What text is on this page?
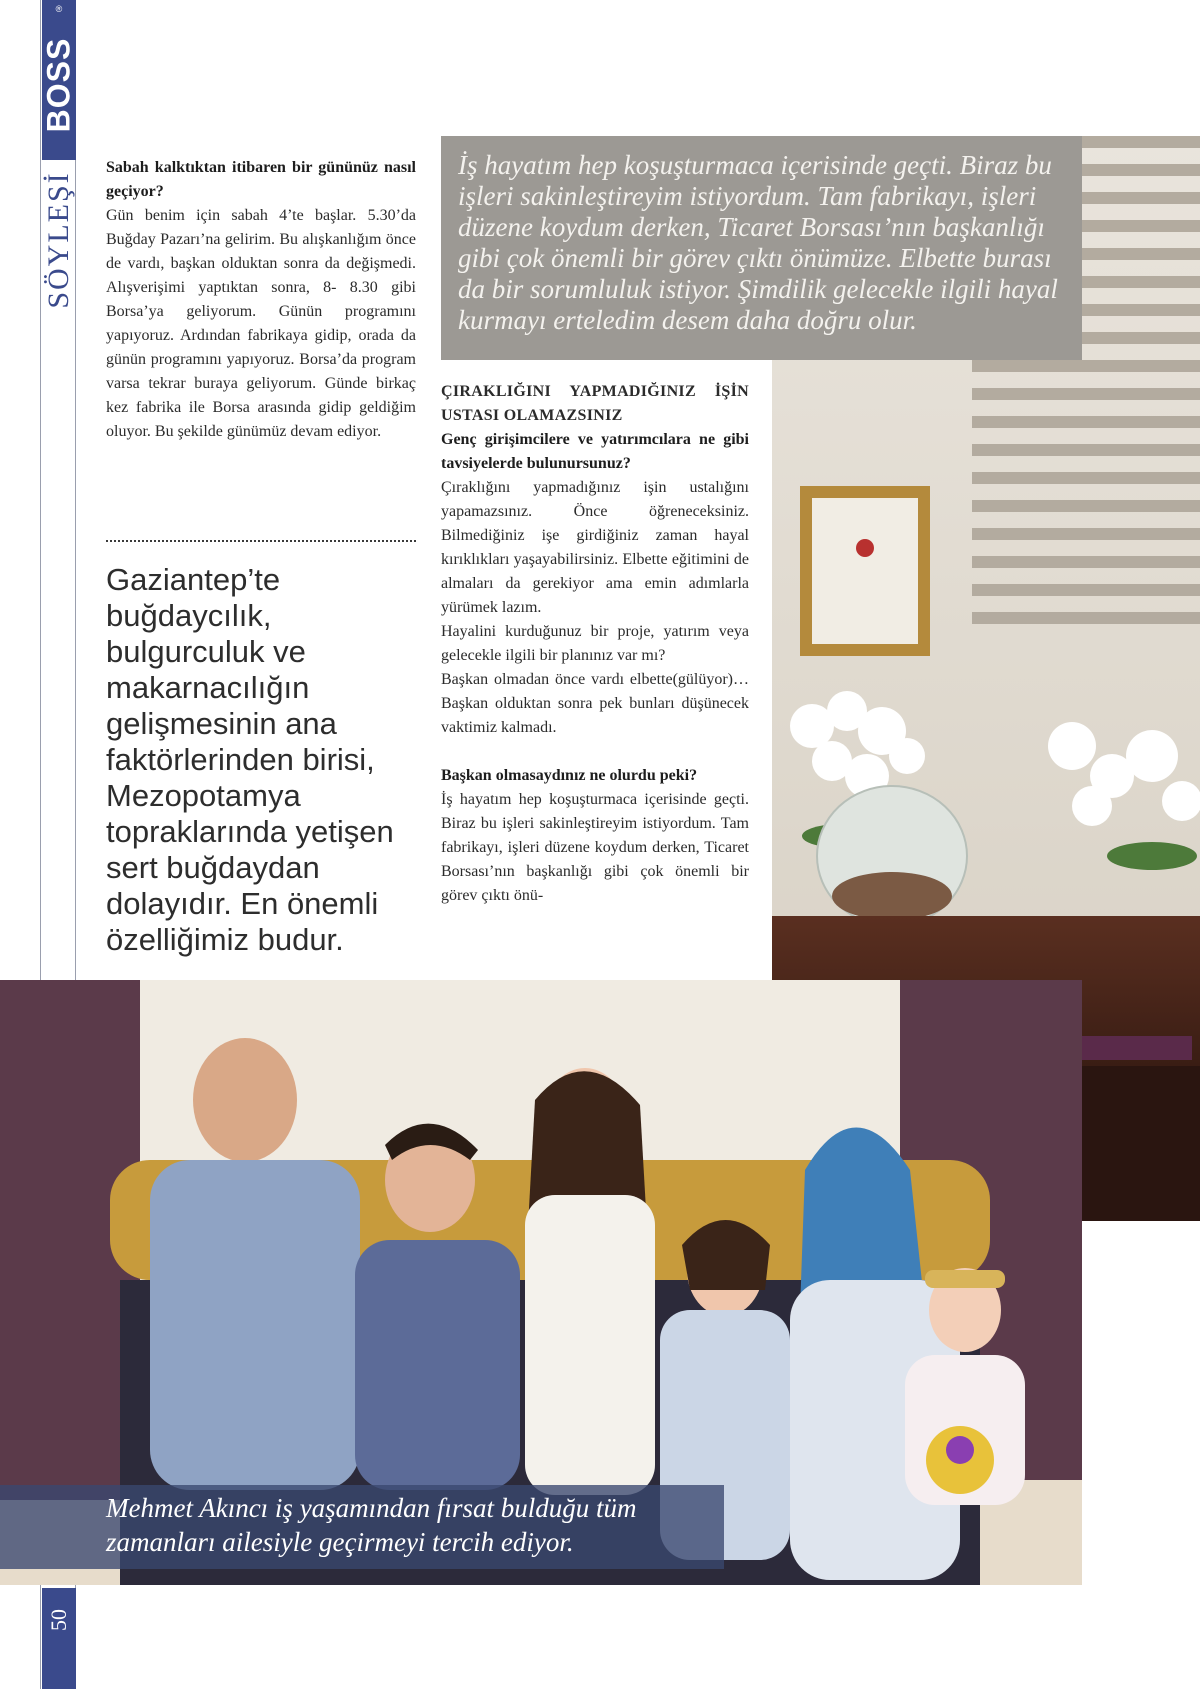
®
BOSS
SÖYLEŞİ
50
İş hayatım hep koşuşturmaca içerisinde geçti. Biraz bu işleri sakinleştireyim istiyordum. Tam fabrikayı, işleri düzene koydum derken, Ticaret Borsası’nın başkanlığı gibi çok önemli bir görev çıktı önümüze. Elbette burası da bir sorumluluk istiyor. Şimdilik gelecekle ilgili hayal kurmayı erteledim desem daha doğru olur.
Sabah kalktıktan itibaren bir gününüz nasıl geçiyor?
Gün benim için sabah 4’te başlar. 5.30’da Buğday Pazarı’na gelirim. Bu alışkanlığım önce de vardı, başkan olduktan sonra da değişmedi. Alışverişimi yaptıktan sonra, 8- 8.30 gibi Borsa’ya geliyorum. Günün programını yapıyoruz. Ardından fabrikaya gidip, orada da günün programını yapıyoruz. Borsa’da program varsa tekrar buraya geliyorum. Günde birkaç kez fabrika ile Borsa arasında gidip geldiğim oluyor. Bu şekilde günümüz devam ediyor.
Gaziantep’te buğdaycılık, bulgurculuk ve makarnacılığın gelişmesinin ana faktörlerinden birisi, Mezopotamya topraklarında yetişen sert buğdaydan dolayıdır. En önemli özelliğimiz budur.
ÇIRAKLIĞINI YAPMADIĞINIZ İŞİN USTASI OLAMAZSINIZ
Genç girişimcilere ve yatırımcılara ne gibi tavsiyelerde bulunursunuz?
Çıraklığını yapmadığınız işin ustalığını yapamazsınız. Önce öğreneceksiniz. Bilmediğiniz işe girdiğiniz zaman hayal kırıklıkları yaşayabilirsiniz. Elbette eğitimini de almaları da gerekiyor ama emin adımlarla yürümek lazım.
Hayalini kurduğunuz bir proje, yatırım veya gelecekle ilgili bir planınız var mı?
Başkan olmadan önce vardı elbette(gülüyor)… Başkan olduktan sonra pek bunları düşünecek vaktimiz kalmadı.
Başkan olmasaydınız ne olurdu peki?
İş hayatım hep koşuşturmaca içerisinde geçti. Biraz bu işleri sakinleştireyim istiyordum. Tam fabrikayı, işleri düzene koydum derken, Ticaret Borsası’nın başkanlığı gibi çok önemli bir görev çıktı önü-
Mehmet Akıncı iş yaşamından fırsat bulduğu tüm zamanları ailesiyle geçirmeyi tercih ediyor.
